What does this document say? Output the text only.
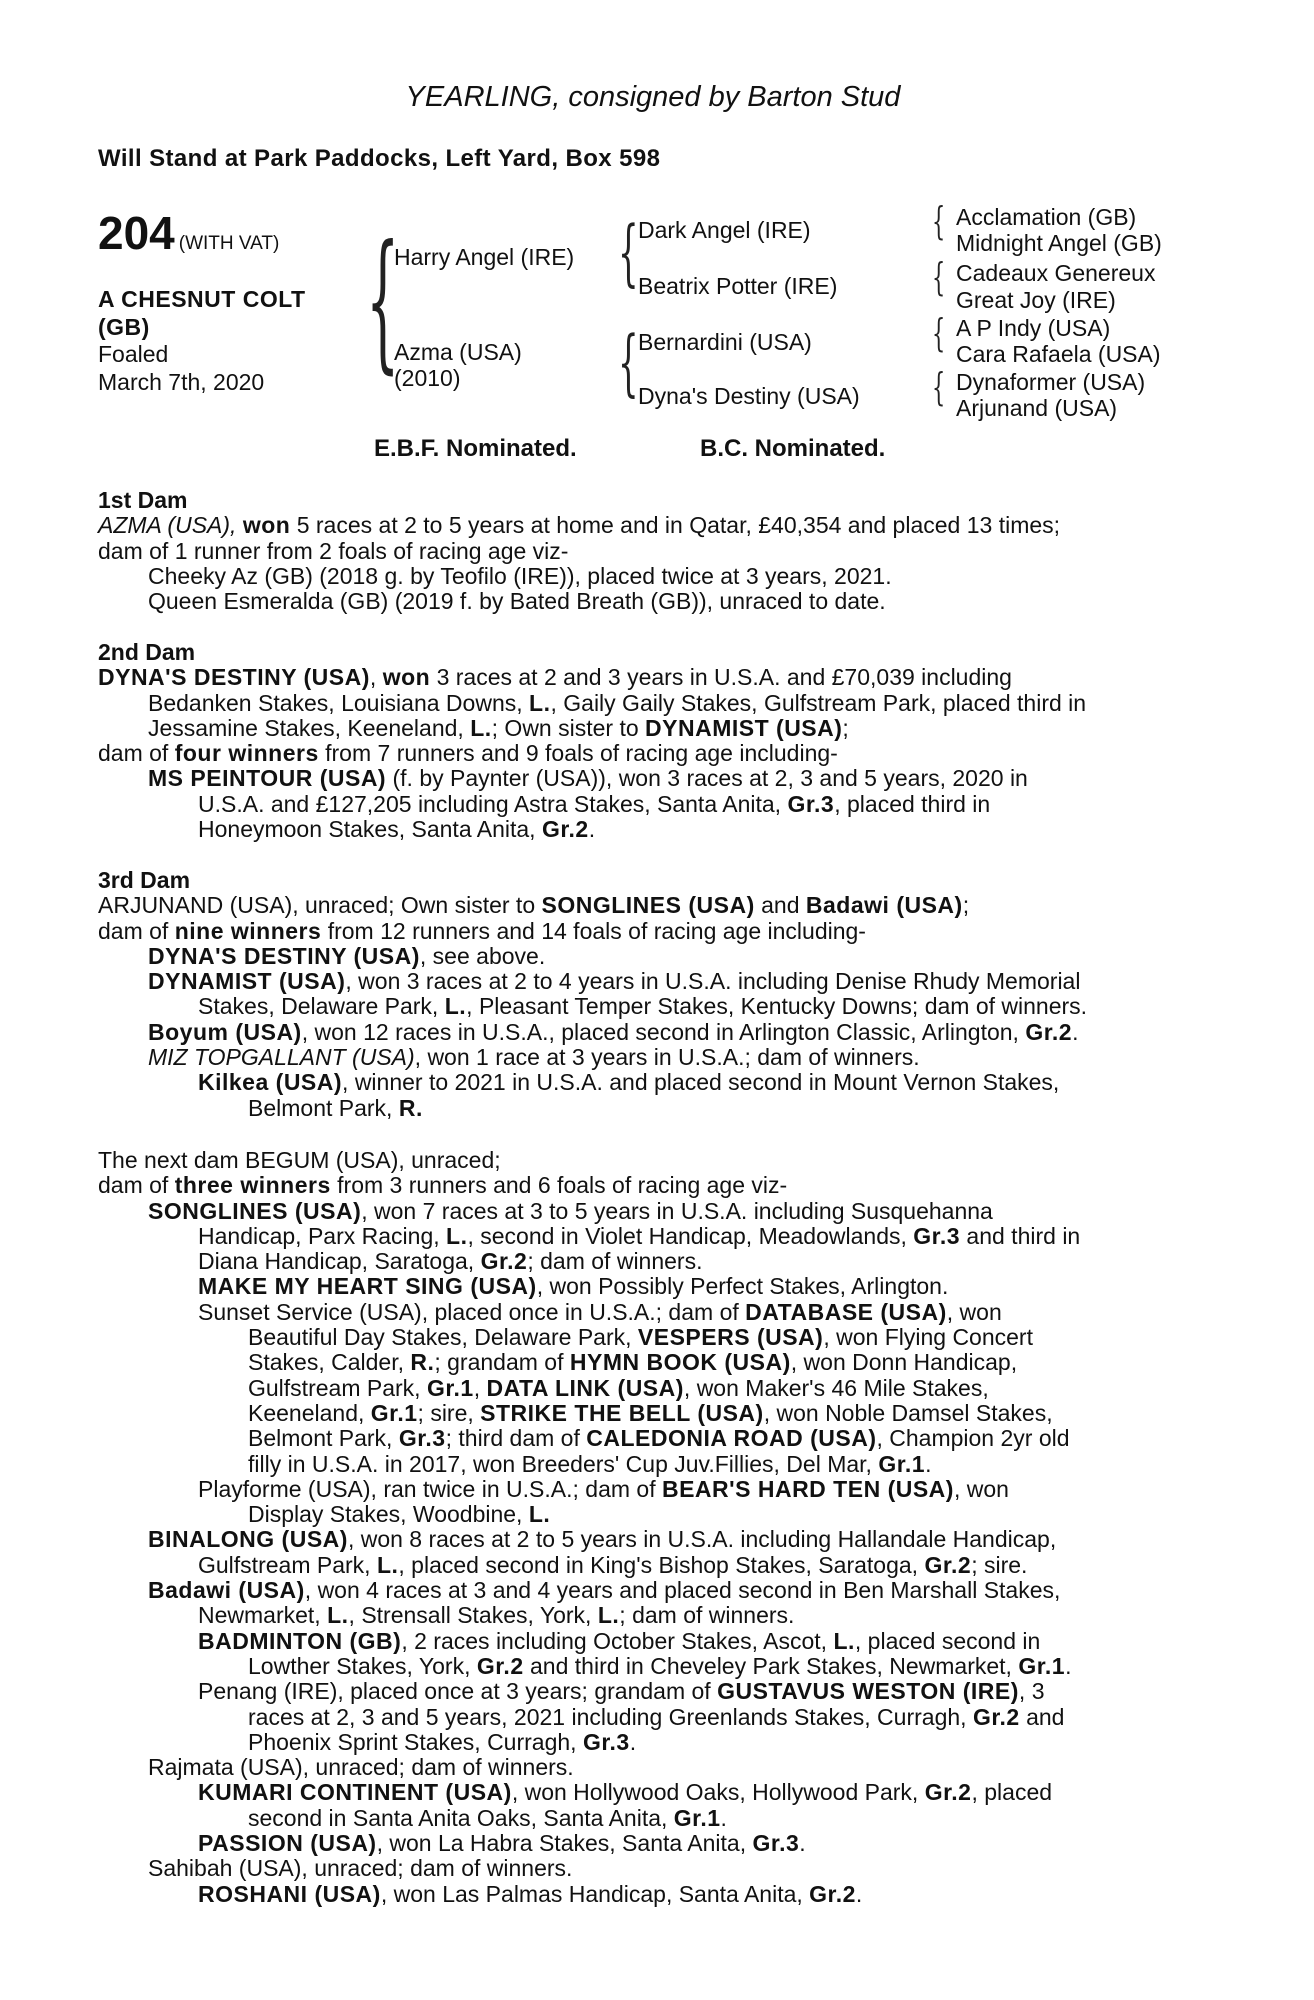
YEARLING, consigned by Barton Stud
Will Stand at Park Paddocks, Left Yard, Box 598
204 (WITH VAT)
A CHESNUT COLT
(GB)
Foaled
March 7th, 2020 {
Harry Angel (IRE)
Azma (USA)
(2010)
{ Dark Angel (IRE)
Beatrix Potter (IRE)
{ Bernardini (USA)
Dyna's Destiny (USA)
{ Acclamation (GB)
Midnight Angel (GB)
{ Cadeaux Genereux
Great Joy (IRE)
{ A P Indy (USA)
Cara Rafaela (USA)
{ Dynaformer (USA)
Arjunand (USA)
E.B.F. Nominated.	B.C. Nominated.
1st Dam
AZMA (USA), won 5 races at 2 to 5 years at home and in Qatar, £40,354 and placed 13 times;
dam of 1 runner from 2 foals of racing age viz-
Cheeky Az (GB) (2018 g. by Teofilo (IRE)), placed twice at 3 years, 2021.
Queen Esmeralda (GB) (2019 f. by Bated Breath (GB)), unraced to date.
2nd Dam
DYNA'S DESTINY (USA), won 3 races at 2 and 3 years in U.S.A. and £70,039 including
Bedanken Stakes, Louisiana Downs, L., Gaily Gaily Stakes, Gulfstream Park, placed third in
Jessamine Stakes, Keeneland, L.; Own sister to DYNAMIST (USA);
dam of four winners from 7 runners and 9 foals of racing age including-
MS PEINTOUR (USA) (f. by Paynter (USA)), won 3 races at 2, 3 and 5 years, 2020 in
U.S.A. and £127,205 including Astra Stakes, Santa Anita, Gr.3, placed third in
Honeymoon Stakes, Santa Anita, Gr.2.
3rd Dam
ARJUNAND (USA), unraced; Own sister to SONGLINES (USA) and Badawi (USA);
dam of nine winners from 12 runners and 14 foals of racing age including-
DYNA'S DESTINY (USA), see above.
DYNAMIST (USA), won 3 races at 2 to 4 years in U.S.A. including Denise Rhudy Memorial
Stakes, Delaware Park, L., Pleasant Temper Stakes, Kentucky Downs; dam of winners.
Boyum (USA), won 12 races in U.S.A., placed second in Arlington Classic, Arlington, Gr.2.
MIZ TOPGALLANT (USA), won 1 race at 3 years in U.S.A.; dam of winners.
Kilkea (USA), winner to 2021 in U.S.A. and placed second in Mount Vernon Stakes,
Belmont Park, R.
The next dam BEGUM (USA), unraced;
dam of three winners from 3 runners and 6 foals of racing age viz-
SONGLINES (USA), won 7 races at 3 to 5 years in U.S.A. including Susquehanna
Handicap, Parx Racing, L., second in Violet Handicap, Meadowlands, Gr.3 and third in
Diana Handicap, Saratoga, Gr.2; dam of winners.
MAKE MY HEART SING (USA), won Possibly Perfect Stakes, Arlington.
Sunset Service (USA), placed once in U.S.A.; dam of DATABASE (USA), won
Beautiful Day Stakes, Delaware Park, VESPERS (USA), won Flying Concert
Stakes, Calder, R.; grandam of HYMN BOOK (USA), won Donn Handicap,
Gulfstream Park, Gr.1, DATA LINK (USA), won Maker's 46 Mile Stakes,
Keeneland, Gr.1; sire, STRIKE THE BELL (USA), won Noble Damsel Stakes,
Belmont Park, Gr.3; third dam of CALEDONIA ROAD (USA), Champion 2yr old
filly in U.S.A. in 2017, won Breeders' Cup Juv.Fillies, Del Mar, Gr.1.
Playforme (USA), ran twice in U.S.A.; dam of BEAR'S HARD TEN (USA), won
Display Stakes, Woodbine, L.
BINALONG (USA), won 8 races at 2 to 5 years in U.S.A. including Hallandale Handicap,
Gulfstream Park, L., placed second in King's Bishop Stakes, Saratoga, Gr.2; sire.
Badawi (USA), won 4 races at 3 and 4 years and placed second in Ben Marshall Stakes,
Newmarket, L., Strensall Stakes, York, L.; dam of winners.
BADMINTON (GB), 2 races including October Stakes, Ascot, L., placed second in
Lowther Stakes, York, Gr.2 and third in Cheveley Park Stakes, Newmarket, Gr.1.
Penang (IRE), placed once at 3 years; grandam of GUSTAVUS WESTON (IRE), 3
races at 2, 3 and 5 years, 2021 including Greenlands Stakes, Curragh, Gr.2 and
Phoenix Sprint Stakes, Curragh, Gr.3.
Rajmata (USA), unraced; dam of winners.
KUMARI CONTINENT (USA), won Hollywood Oaks, Hollywood Park, Gr.2, placed
second in Santa Anita Oaks, Santa Anita, Gr.1.
PASSION (USA), won La Habra Stakes, Santa Anita, Gr.3.
Sahibah (USA), unraced; dam of winners.
ROSHANI (USA), won Las Palmas Handicap, Santa Anita, Gr.2.
